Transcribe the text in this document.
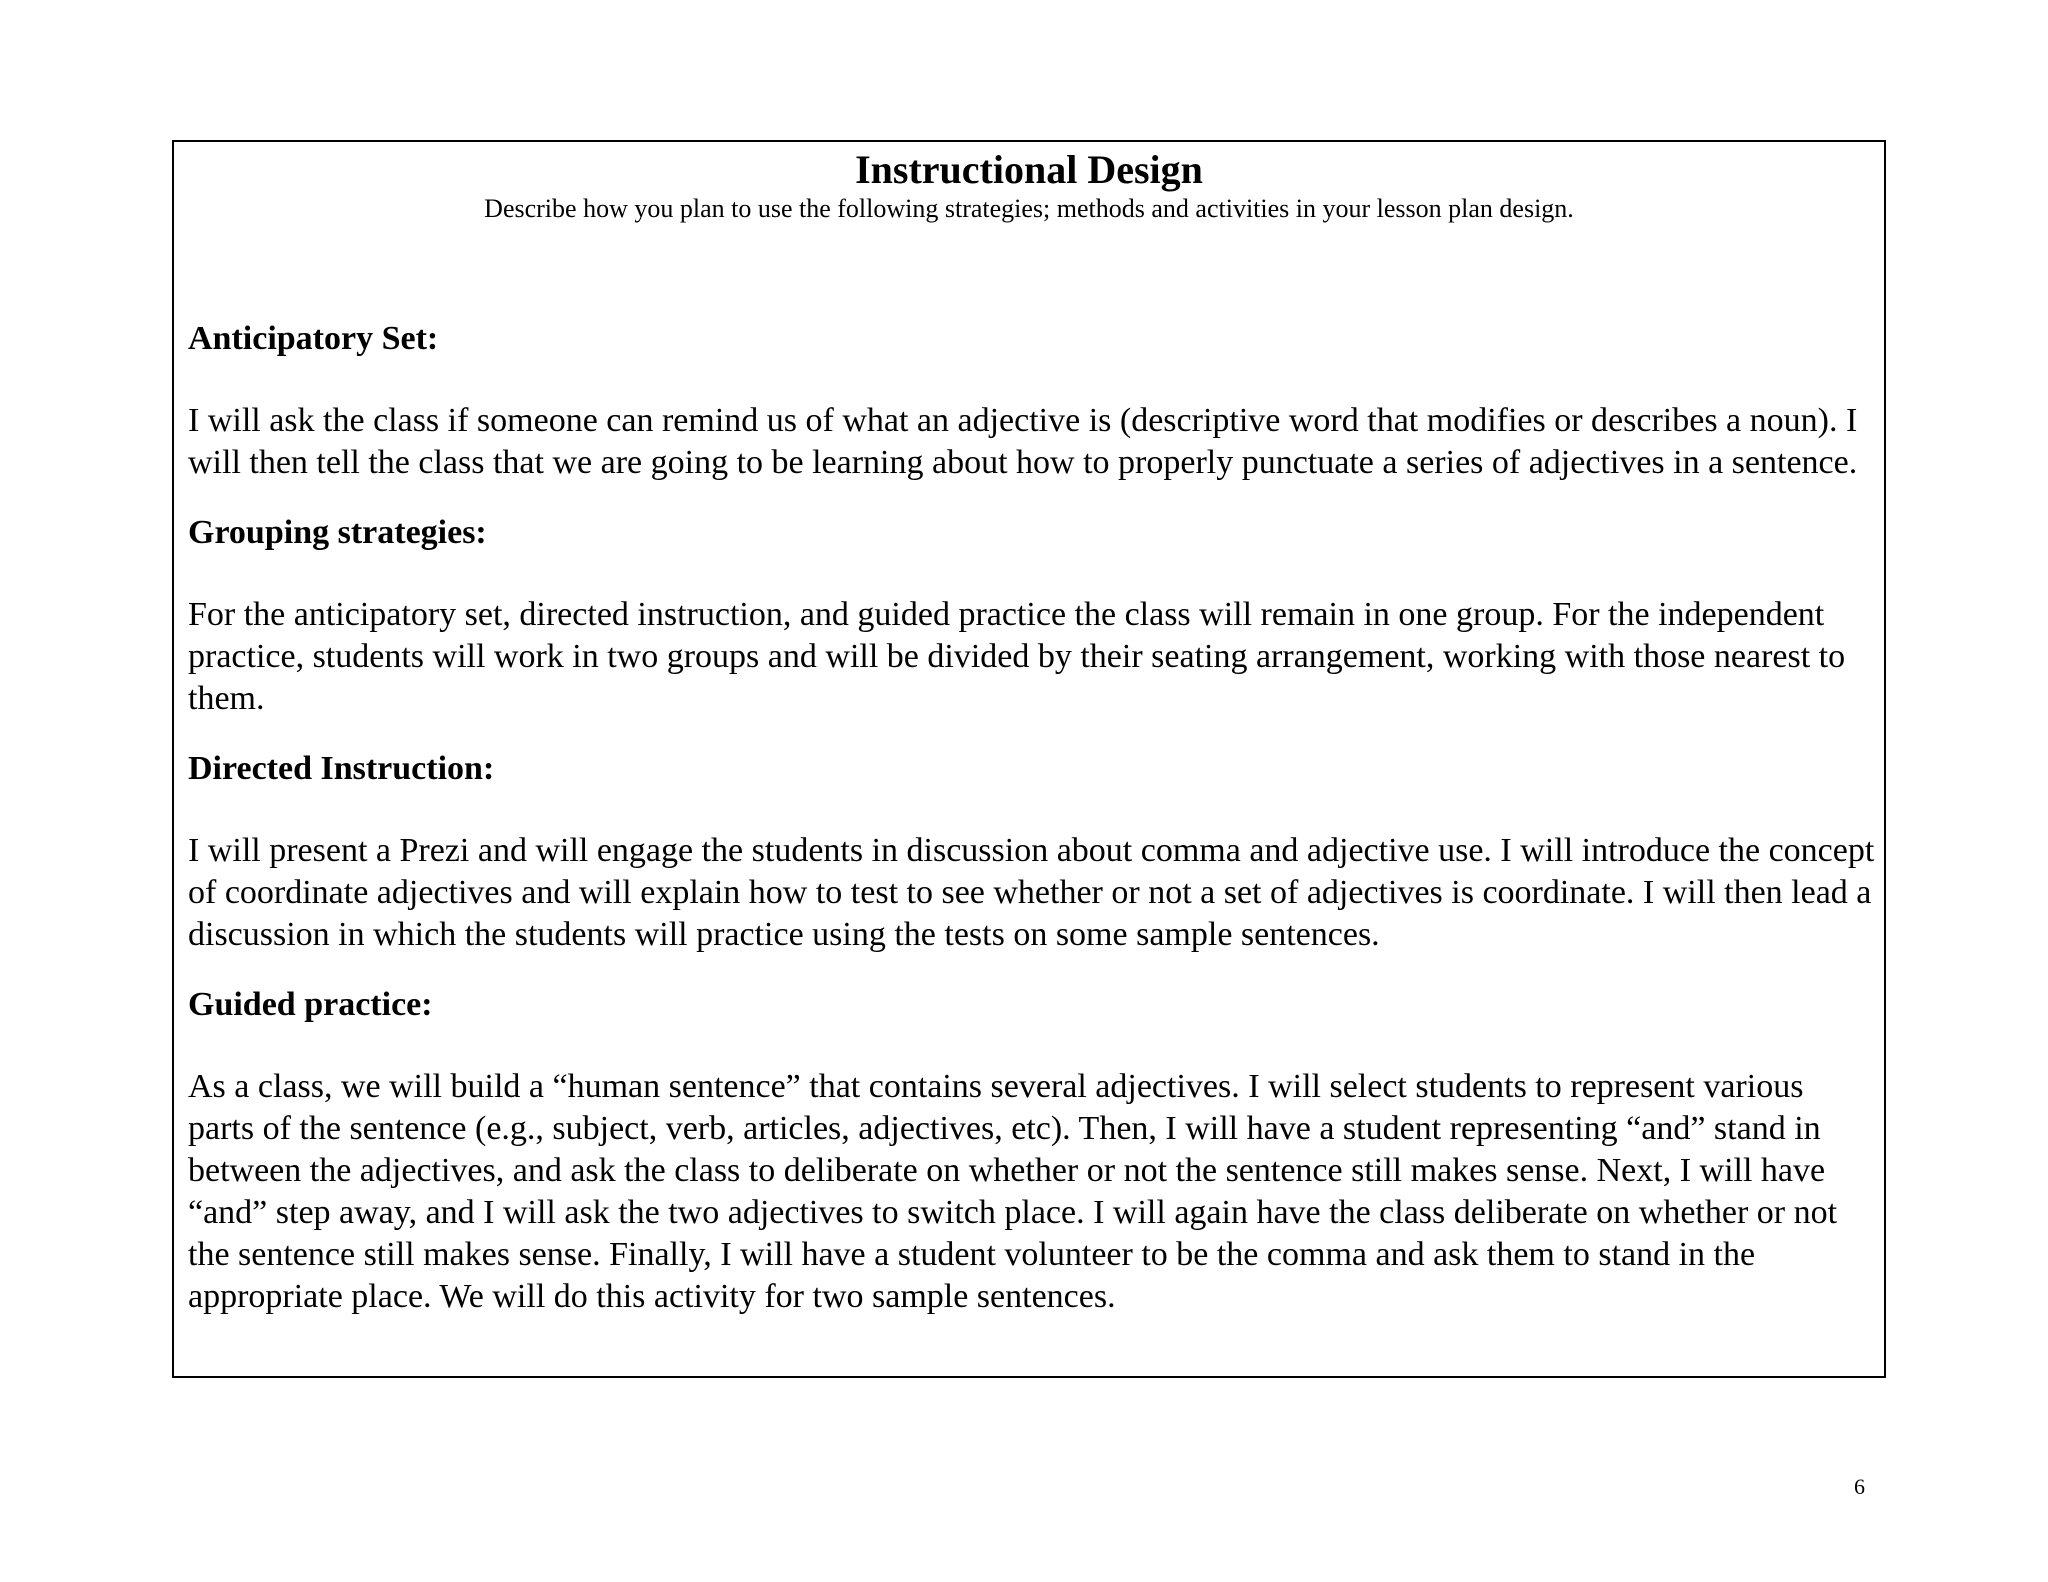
Instructional Design

Describe how you plan to use the following strategies; methods and activities in your lesson plan design.

Anticipatory Set:

I will ask the class if someone can remind us of what an adjective is (descriptive word that modifies or describes a noun). I will then tell the class that we are going to be learning about how to properly punctuate a series of adjectives in a sentence.

Grouping strategies:

For the anticipatory set, directed instruction, and guided practice the class will remain in one group. For the independent practice, students will work in two groups and will be divided by their seating arrangement, working with those nearest to them.

Directed Instruction:

I will present a Prezi and will engage the students in discussion about comma and adjective use. I will introduce the concept of coordinate adjectives and will explain how to test to see whether or not a set of adjectives is coordinate. I will then lead a discussion in which the students will practice using the tests on some sample sentences.

Guided practice:

As a class, we will build a “human sentence” that contains several adjectives. I will select students to represent various parts of the sentence (e.g., subject, verb, articles, adjectives, etc). Then, I will have a student representing “and” stand in between the adjectives, and ask the class to deliberate on whether or not the sentence still makes sense. Next, I will have “and” step away, and I will ask the two adjectives to switch place. I will again have the class deliberate on whether or not the sentence still makes sense. Finally, I will have a student volunteer to be the comma and ask them to stand in the appropriate place. We will do this activity for two sample sentences.

6
